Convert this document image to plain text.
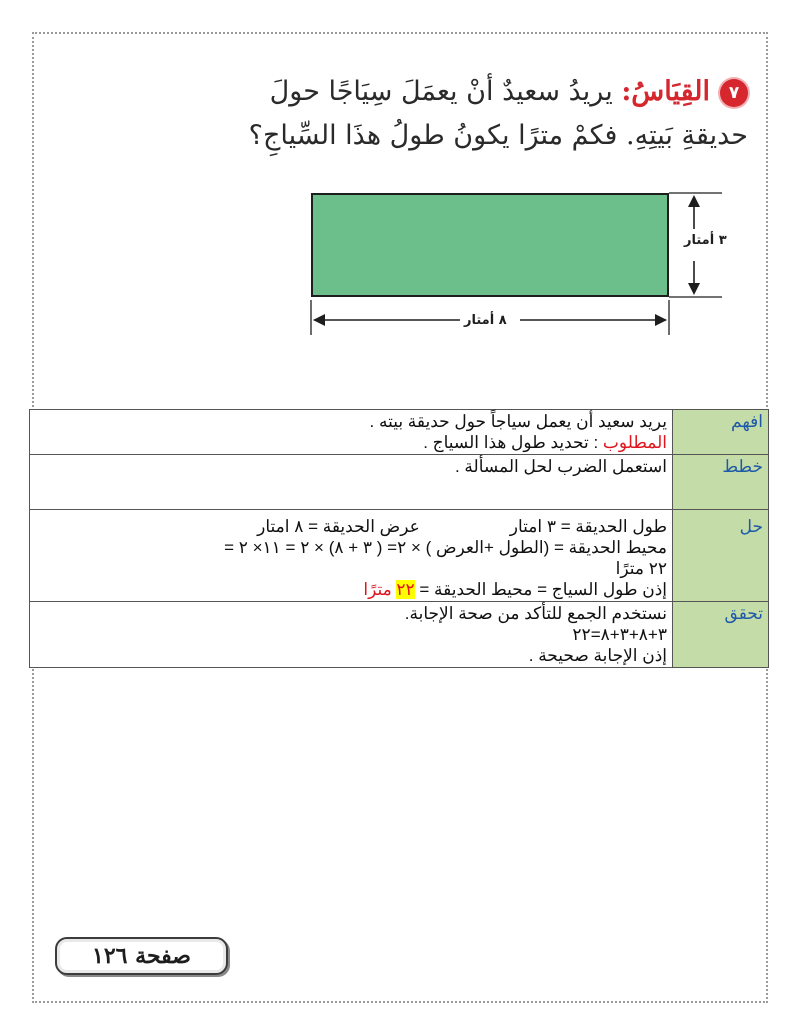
٧القِيَاسُ: يريدُ سعيدٌ أنْ يعمَلَ سِيَاجًا حولَ

حديقةِ بَيتِهِ. فكمْ مترًا يكونُ طولُ هذَا السِّياجِ؟

٣ أمتار
٨ أمتار
افهم	يريد سعيد أن يعمل سياجاً حول حديقة بيته .

المطلوب : تحديد طول هذا السياج .

خطط	استعمل الضرب لحل المسألة .

حل	طول الحديقة = ٣ امتارعرض الحديقة = ٨ امتار

محيط الحديقة = (الطول +العرض ) × ٢= ( ٣ + ٨) × ٢ = ١١× ٢ =

٢٢ مترًا

إذن طول السياج = محيط الحديقة = ٢٢ مترًا

تحقق	نستخدم الجمع للتأكد من صحة الإجابة.

٣+٨+٣+٨=٢٢

إذن الإجابة صحيحة .

صفحة ١٢٦
